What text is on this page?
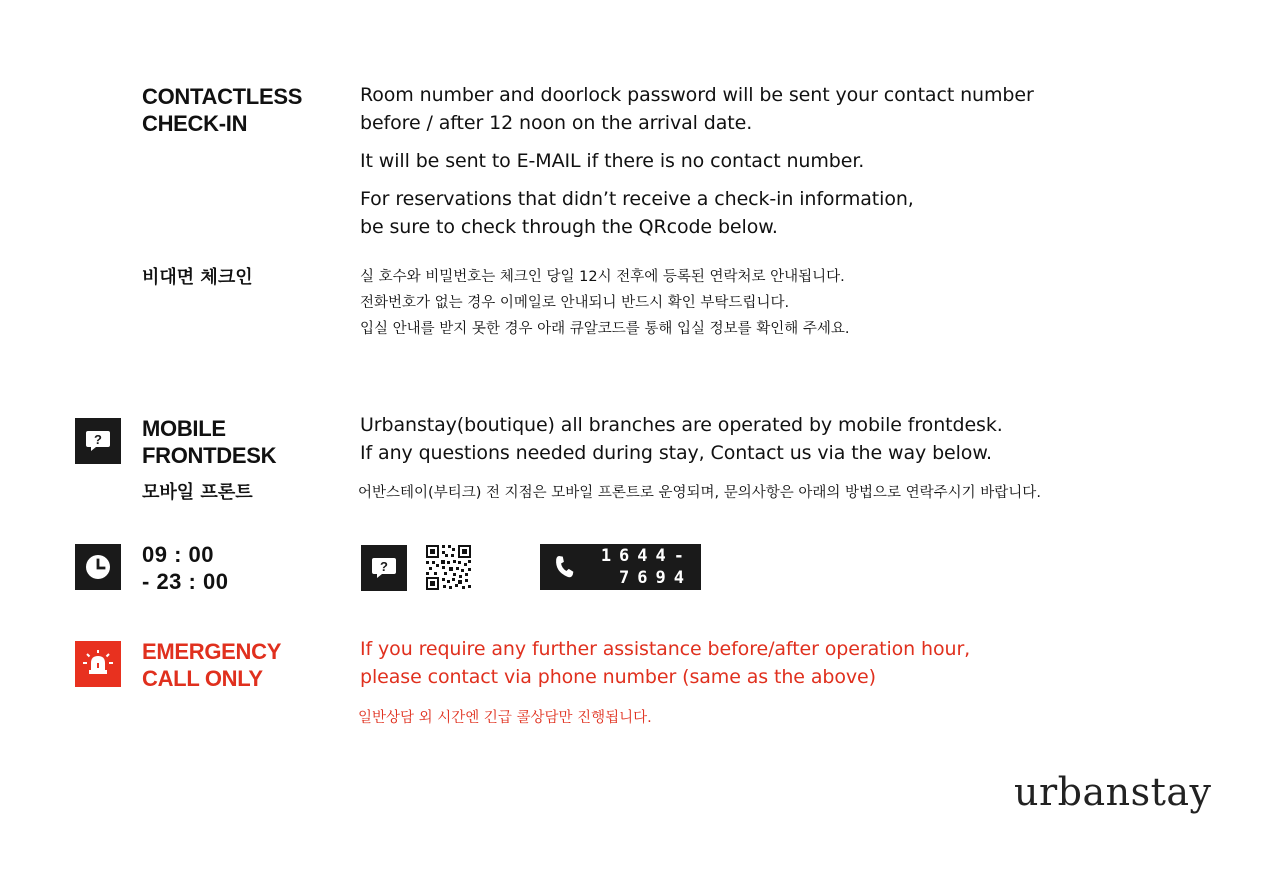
CONTACTLESS
CHECK-IN
Room number and doorlock password will be sent your contact number
before / after 12 noon on the arrival date.
It will be sent to E-MAIL if there is no contact number.
For reservations that didn’t receive a check-in information,
be sure to check through the QRcode below.
비대면 체크인	실 호수와 비밀번호는 체크인 당일 12시 전후에 등록된 연락처로 안내됩니다.
전화번호가 없는 경우 이메일로 안내되니 반드시 확인 부탁드립니다.
입실 안내를 받지 못한 경우 아래 큐알코드를 통해 입실 정보를 확인해 주세요.
? MOBILE
FRONTDESK
Urbanstay(boutique) all branches are operated by mobile frontdesk.
If any questions needed during stay, Contact us via the way below.
모바일 프론트	어반스테이(부티크) 전 지점은 모바일 프론트로 운영되며, 문의사항은 아래의 방법으로 연락주시기 바랍니다.
09 : 00
- 23 : 00
?
1644-
7694
EMERGENCY
CALL ONLY
If you require any further assistance before/after operation hour,
please contact via phone number (same as the above)
일반상담 외 시간엔 긴급 콜상담만 진행됩니다.
urbanstay
